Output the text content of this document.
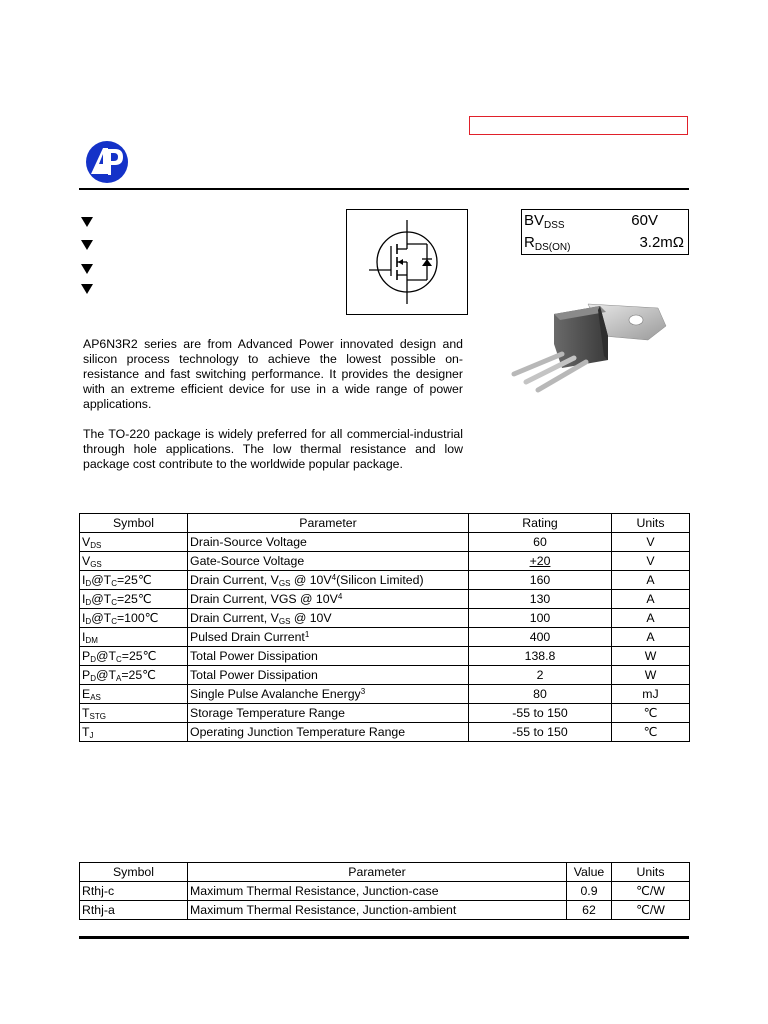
$BV_{DSS}$	60V
$R_{DS(ON)}$	3.2mΩ

AP6N3R2 series are from Advanced Power innovated design and silicon process technology to achieve the lowest possible on-resistance and fast switching performance. It provides the designer with an extreme efficient device for use in a wide range of power applications.

The TO-220 package is widely preferred for all commercial-industrial through hole applications. The low thermal resistance and low package cost contribute to the worldwide popular package.

Symbol	Parameter	Rating	Units
$V_{DS}$	Drain-Source Voltage	60	V
$V_{GS}$	Gate-Source Voltage	+20	V
$I_D@T_C=25℃$	Drain Current, $V_{GS}$ @ $10V^4(Silicon$ Limited)	160	A
$I_D@T_C=25℃$	Drain Current, VGS @ $10V^4$	130	A
$I_D@T_C=100℃$	Drain Current, $V_{GS}$ @ 10V	100	A
$I_{DM}$	Pulsed Drain Current$^1$	400	A
$P_D@T_C=25℃$	Total Power Dissipation	138.8	W
$P_D@T_A=25℃$	Total Power Dissipation	2	W
$E_{AS}$	Single Pulse Avalanche Energy$^3$	80	mJ
$T_{STG}$	Storage Temperature Range	-55 to 150	℃
$T_J$	Operating Junction Temperature Range	-55 to 150	℃
Symbol	Parameter	Value	Units
Rthj-c	Maximum Thermal Resistance, Junction-case	0.9	℃/W
Rthj-a	Maximum Thermal Resistance, Junction-ambient	62	℃/W
